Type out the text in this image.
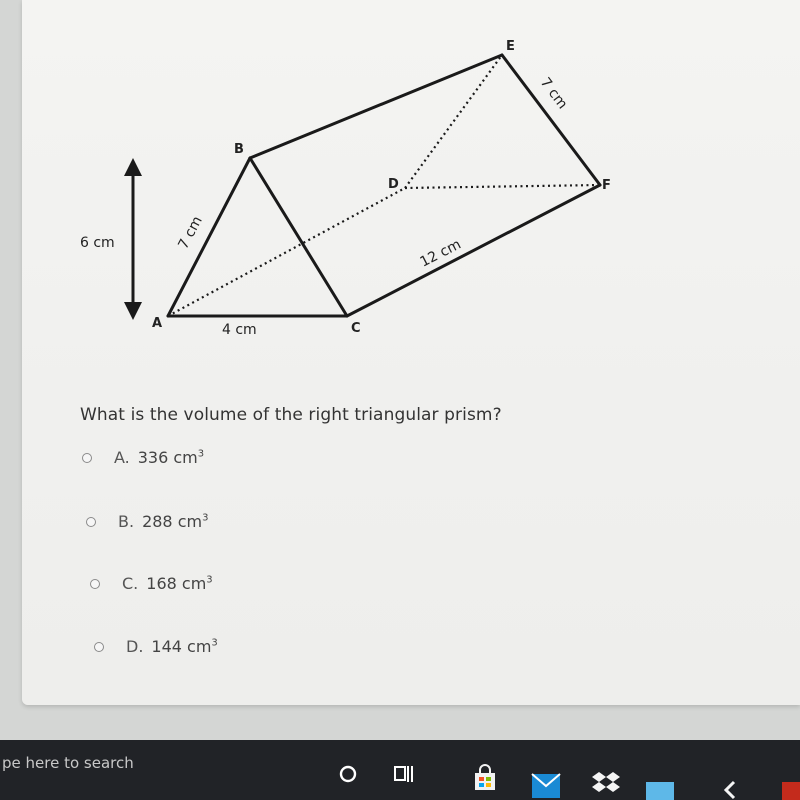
A
B
C
D
E
F
6 cm
4 cm
7 cm
7 cm
12 cm

What is the volume of the right triangular prism?

A. 336 $cm^3$
B. 288 $cm^3$
C. 168 $cm^3$
D. 144 $cm^3$
pe here to search
